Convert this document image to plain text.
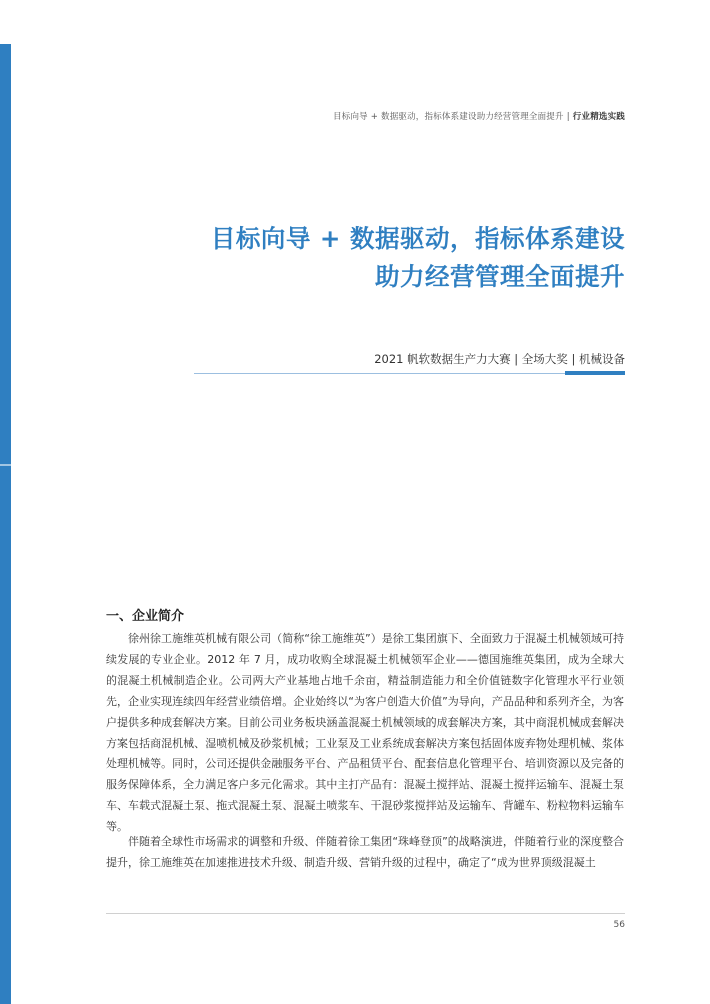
目标向导 + 数据驱动，指标体系建设助力经营管理全面提升 | 行业精选实践
目标向导 + 数据驱动，指标体系建设
助力经营管理全面提升
2021 帆软数据生产力大赛 | 全场大奖 | 机械设备
一、企业简介

徐州徐工施维英机械有限公司（简称“徐工施维英”）是徐工集团旗下、全面致力于混凝土机械领域可持续发展的专业企业。2012 年 7 月，成功收购全球混凝土机械领军企业——德国施维英集团，成为全球大的混凝土机械制造企业。公司两大产业基地占地千余亩，精益制造能力和全价值链数字化管理水平行业领先，企业实现连续四年经营业绩倍增。企业始终以“为客户创造大价值”为导向，产品品种和系列齐全，为客户提供多种成套解决方案。目前公司业务板块涵盖混凝土机械领域的成套解决方案，其中商混机械成套解决方案包括商混机械、湿喷机械及砂浆机械；工业泵及工业系统成套解决方案包括固体废弃物处理机械、浆体处理机械等。同时，公司还提供金融服务平台、产品租赁平台、配套信息化管理平台、培训资源以及完备的服务保障体系，全力满足客户多元化需求。其中主打产品有：混凝土搅拌站、混凝土搅拌运输车、混凝土泵车、车载式混凝土泵、拖式混凝土泵、混凝土喷浆车、干混砂浆搅拌站及运输车、背罐车、粉粒物料运输车等。

伴随着全球性市场需求的调整和升级、伴随着徐工集团“珠峰登顶”的战略演进，伴随着行业的深度整合提升，徐工施维英在加速推进技术升级、制造升级、营销升级的过程中，确定了“成为世界顶级混凝土

56
